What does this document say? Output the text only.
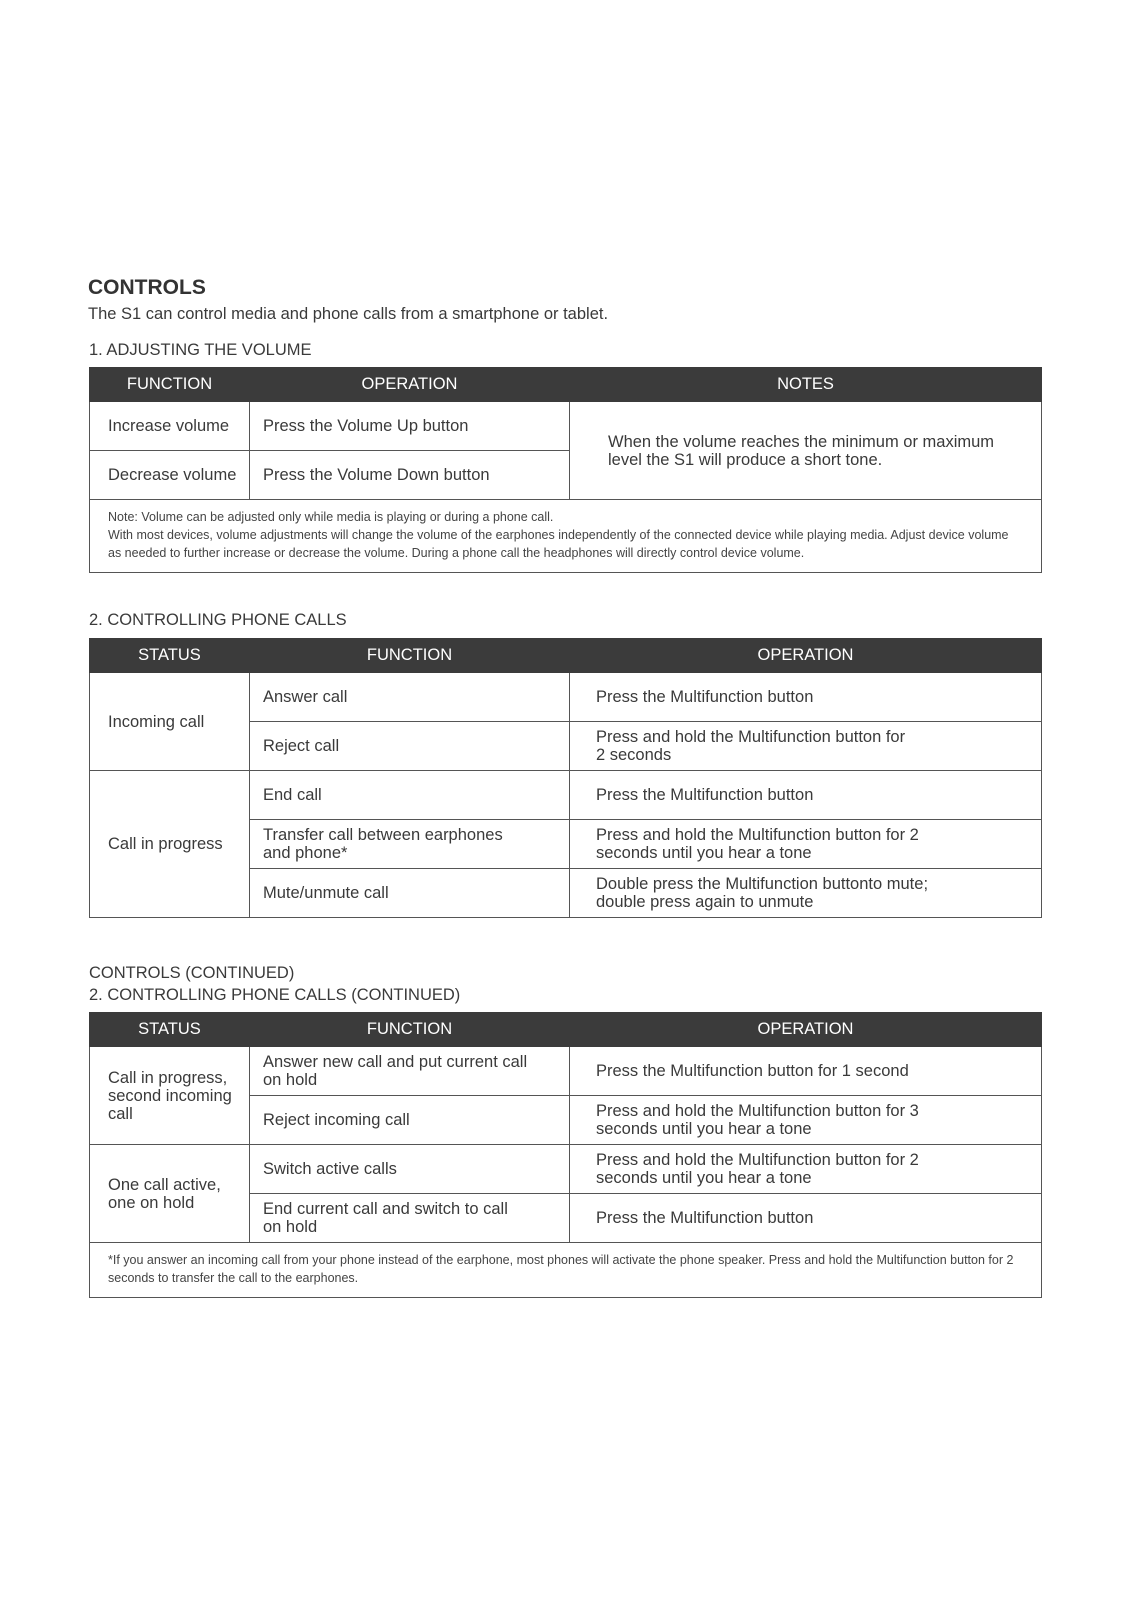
CONTROLS
The S1 can control media and phone calls from a smartphone or tablet.
1. ADJUSTING THE VOLUME
FUNCTION	OPERATION	NOTES
Increase volume	Press the Volume Up button	When the volume reaches the minimum or maximum level the S1 will produce a short tone.
Decrease volume	Press the Volume Down button	

Note: Volume can be adjusted only while media is playing or during a phone call.
With most devices, volume adjustments will change the volume of the earphones independently of the connected device while playing media. Adjust device volume as needed to further increase or decrease the volume. During a phone call the headphones will directly control device volume.		
2. CONTROLLING PHONE CALLS
STATUS	FUNCTION	OPERATION
Incoming call	Answer call	Press the Multifunction button
	Reject call	Press and hold the Multifunction button for 2 seconds
Call in progress	End call	Press the Multifunction button
	Transfer call between earphones and phone*	Press and hold the Multifunction button for 2 seconds until you hear a tone
	Mute/unmute call	Double press the Multifunction buttonto mute; double press again to unmute
CONTROLS (CONTINUED)
2. CONTROLLING PHONE CALLS (CONTINUED)
STATUS	FUNCTION	OPERATION
Call in progress, second incoming call	Answer new call and put current call on hold	Press the Multifunction button for 1 second
	Reject incoming call	Press and hold the Multifunction button for 3 seconds until you hear a tone
One call active, one on hold	Switch active calls	Press and hold the Multifunction button for 2 seconds until you hear a tone
	End current call and switch to call on hold	Press the Multifunction button
*If you answer an incoming call from your phone instead of the earphone, most phones will activate the phone speaker. Press and hold the Multifunction button for 2 seconds to transfer the call to the earphones.		
